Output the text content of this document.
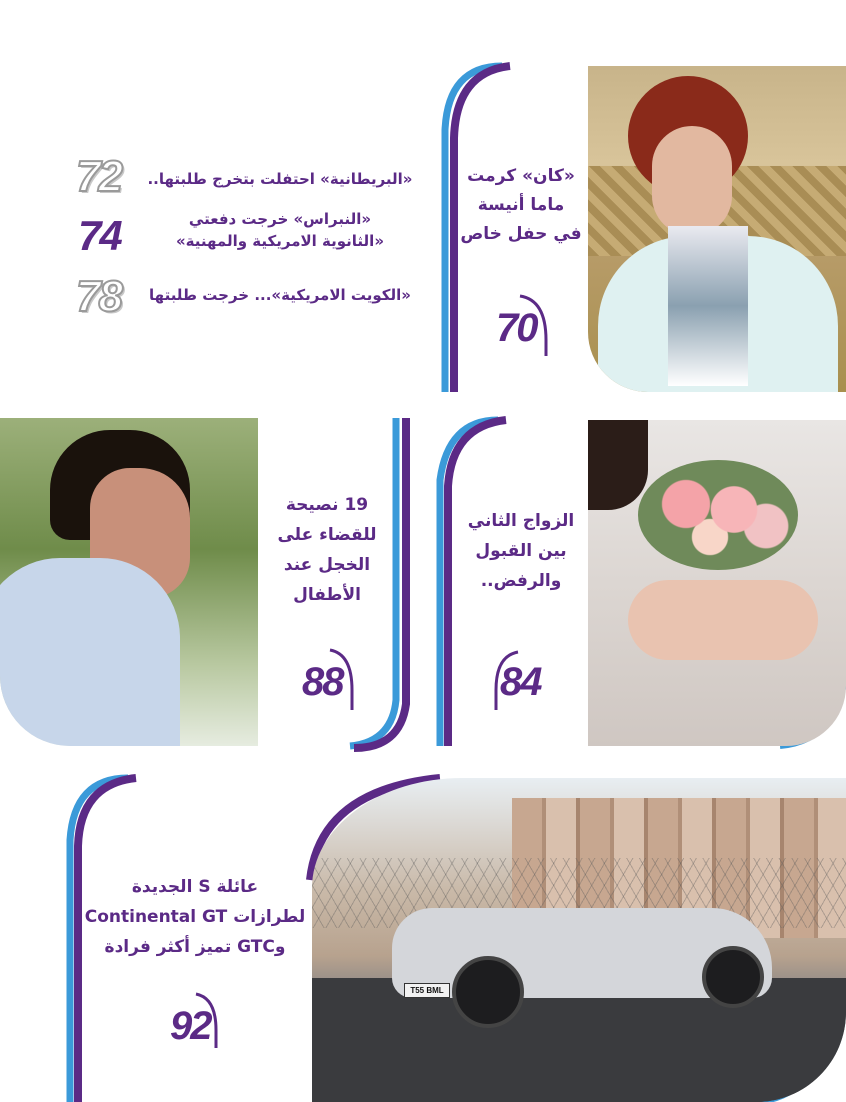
«كان» كرمت
ماما أنيسة
في حفل خاص
70
72	«البريطانية» احتفلت بتخرج طلبتها..
74	«النبراس» خرجت دفعتي
«الثانوية الامريكية والمهنية»
78	«الكويت الامريكية»... خرجت طلبتها
19 نصيحة
للقضاء على
الخجل عند
الأطفال
88
الزواج الثاني
بين القبول
والرفض..
84
T55 BML
عائلة S الجديدة
لطرازات Continental GT
وGTC تميز أكثر فرادة
92
